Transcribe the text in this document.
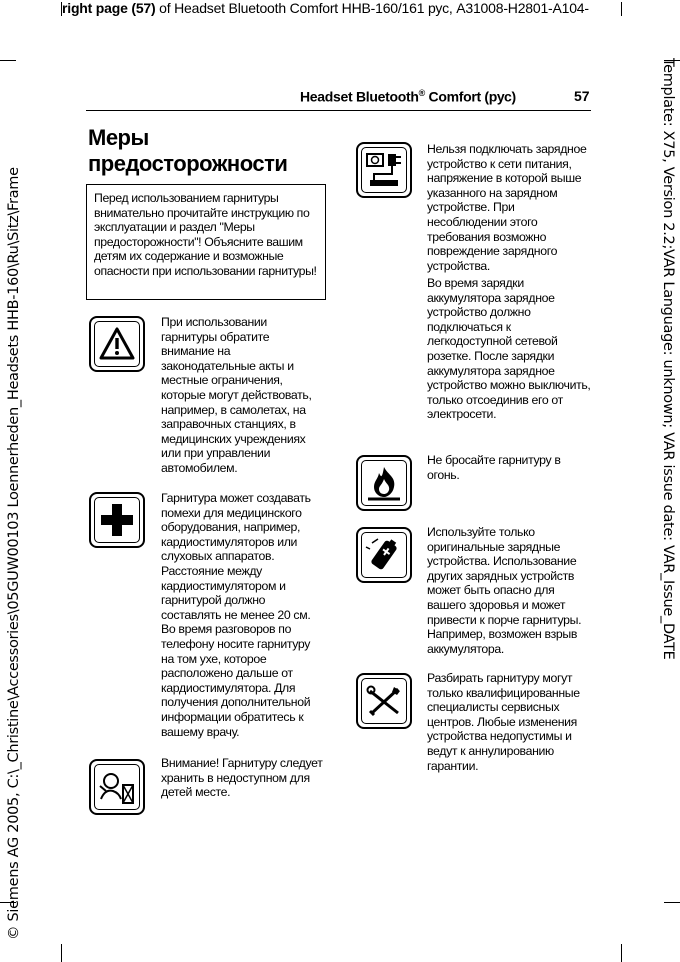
right page (57) of Headset Bluetooth Comfort HHB-160/161 рус, A31008-H2801-A104-
© Siemens AG 2005, C:\_Christine\Accessories\05GUW00103 Loennerheden_Headsets HHB-160\Ru\Sitz\Frame	Template: X75, Version 2.2;VAR Language: unknown; VAR issue date: VAR_Issue_DATE
Headset Bluetooth® Comfort (рус)	57
Меры предосторожности
Перед использованием гарнитуры внимательно прочитайте инструкцию по эксплуатации и раздел "Меры предосторожности"! Объясните вашим детям их содержание и возможные опасности при использовании гарнитуры!
При использовании гарнитуры обратите внимание на законодательные акты и местные ограничения, которые могут действовать, например, в самолетах, на заправочных станциях, в медицинских учреждениях или при управлении автомобилем.
Гарнитура может создавать помехи для медицинского оборудования, например, кардиостимуляторов или слуховых аппаратов. Расстояние между кардиостимулятором и гарнитурой должно составлять не менее 20 см. Во время разговоров по телефону носите гарнитуру на том ухе, которое расположено дальше от кардиостимулятора. Для получения дополнительной информации обратитесь к вашему врачу.
Внимание! Гарнитуру следует хранить в недоступном для детей месте.
Нельзя подключать зарядное устройство к сети питания, напряжение в которой выше указанного на зарядном устройстве. При несоблюдении этого требования возможно повреждение зарядного устройства.
Во время зарядки аккумулятора зарядное устройство должно подключаться к легкодоступной сетевой розетке. После зарядки аккумулятора зарядное устройство можно выключить, только отсоединив его от электросети.
Не бросайте гарнитуру в огонь.
Используйте только оригинальные зарядные устройства. Использование других зарядных устройств может быть опасно для вашего здоровья и может привести к порче гарнитуры. Например, возможен взрыв аккумулятора.
Разбирать гарнитуру могут только квалифицированные специалисты сервисных центров. Любые изменения устройства недопустимы и ведут к аннулированию гарантии.
